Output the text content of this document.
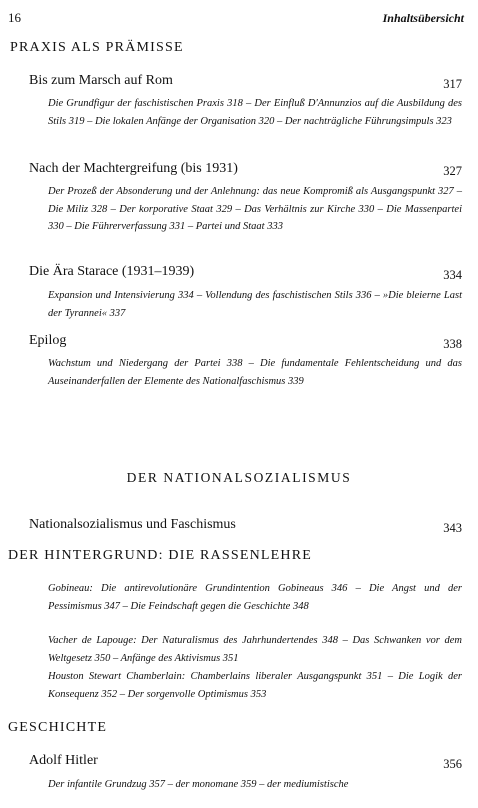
16	Inhaltsübersicht
PRAXIS ALS PRÄMISSE
Bis zum Marsch auf Rom	317
Die Grundfigur der faschistischen Praxis 318 – Der Einfluß D'Annunzios auf die Ausbildung des Stils 319 – Die lokalen Anfänge der Organisation 320 – Der nachträgliche Führungsimpuls 323
Nach der Machtergreifung (bis 1931)	327
Der Prozeß der Absonderung und der Anlehnung: das neue Kompromiß als Ausgangspunkt 327 – Die Miliz 328 – Der korporative Staat 329 – Das Verhältnis zur Kirche 330 – Die Massenpartei 330 – Die Führerverfassung 331 – Partei und Staat 333
Die Ära Starace (1931–1939)	334
Expansion und Intensivierung 334 – Vollendung des faschistischen Stils 336 – »Die bleierne Last der Tyrannei« 337
Epilog	338
Wachstum und Niedergang der Partei 338 – Die fundamentale Fehlentscheidung und das Auseinanderfallen der Elemente des Nationalfaschismus 339
DER NATIONALSOZIALISMUS
Nationalsozialismus und Faschismus	343
DER HINTERGRUND: DIE RASSENLEHRE
Gobineau: Die antirevolutionäre Grundintention Gobineaus 346 – Die Angst und der Pessimismus 347 – Die Feindschaft gegen die Geschichte 348
Vacher de Lapouge: Der Naturalismus des Jahrhundertendes 348 – Das Schwanken vor dem Weltgesetz 350 – Anfänge des Aktivismus 351
Houston Stewart Chamberlain: Chamberlains liberaler Ausgangspunkt 351 – Die Logik der Konsequenz 352 – Der sorgenvolle Optimismus 353
GESCHICHTE
Adolf Hitler	356
Der infantile Grundzug 357 – der monomane 359 – der mediumistische
